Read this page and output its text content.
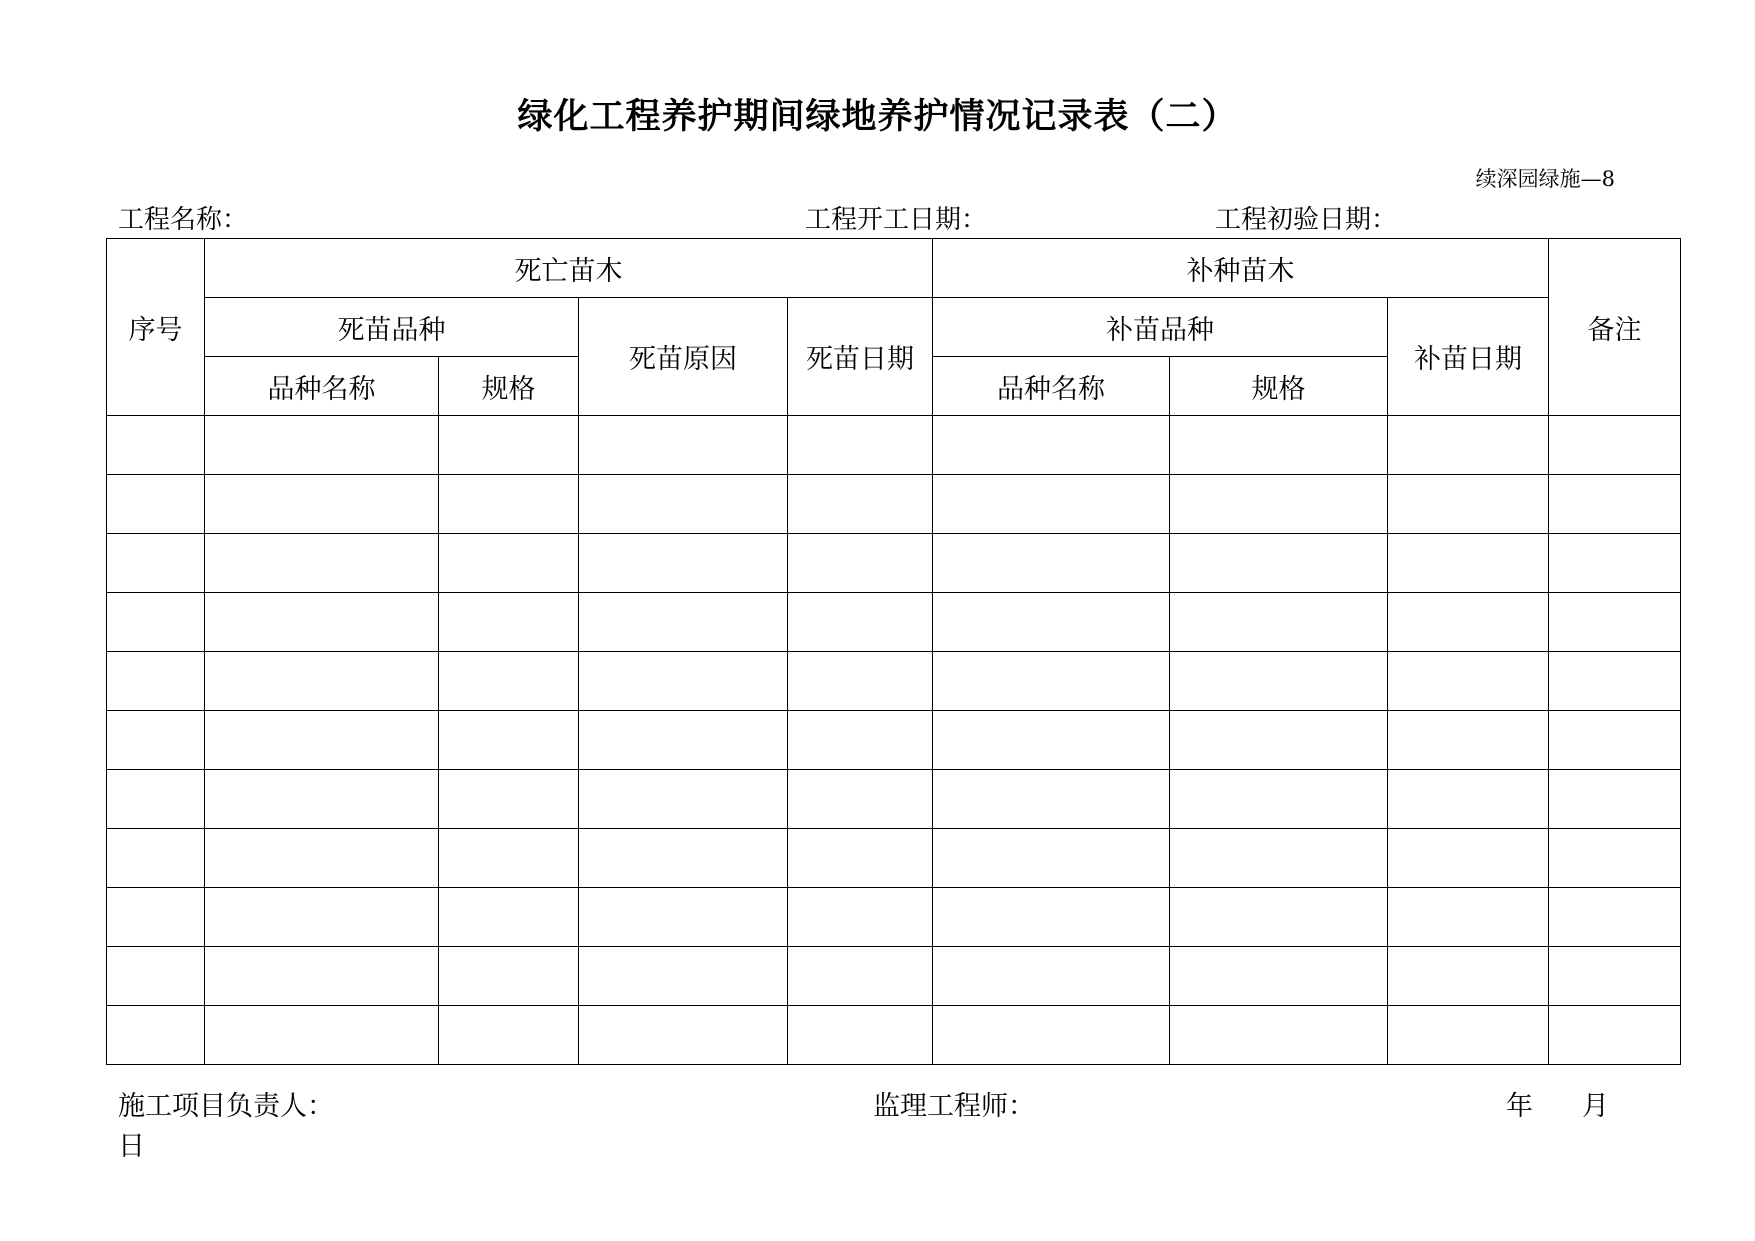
绿化工程养护期间绿地养护情况记录表（二）
续深园绿施—8
工程名称：	工程开工日期：	工程初验日期：
序号	死亡苗木				补种苗木			备注
	死苗品种		死苗原因	死苗日期	补苗品种		补苗日期	
	品种名称	规格			品种名称	规格		

施工项目负责人：	监理工程师：	年 月
日
